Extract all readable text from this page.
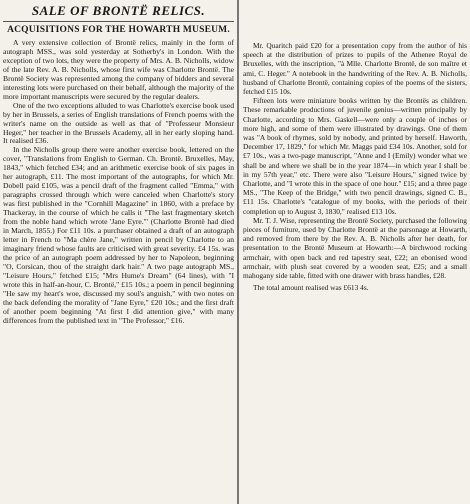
SALE OF BRONTË RELICS.
ACQUISITIONS FOR THE HOWARTH MUSEUM.

A very extensive collection of Brontë relics, mainly in the form of autograph MSS., was sold yesterday at Sotherby's in London. With the exception of two lots, they were the property of Mrs. A. B. Nicholls, widow of the late Rev. A. B. Nicholls, whose first wife was Charlotte Brontë. The Brontë Society was represented among the company of bidders and several interesting lots were purchased on their behalf, although the majority of the more important manuscripts were secured by the regular dealers.

One of the two exceptions alluded to was Charlotte's exercise book used by her in Brussels, a series of English translations of French poems with the writer's name on the outside as well as that of "Professeur Monsieur Heger," her teacher in the Brussels Academy, all in her early sloping hand. It realised £36.

In the Nicholls group there were another exercise book, lettered on the cover, "Translations from English to German. Ch. Brontë. Bruxelles, May, 1843," which fetched £34; and an arithmetic exercise book of six pages in her autograph, £11. The most important of the autographs, for which Mr. Dobell paid £105, was a pencil draft of the fragment called "Emma," with paragraphs crossed through which were canceled when Charlotte's story was first published in the "Cornhill Magazine" in 1860, with a preface by Thackeray, in the course of which he calls it "The last fragmentary sketch from the noble hand which wrote 'Jane Eyre.'" (Charlotte Brontë had died in March, 1855.) For £11 10s. a purchaser obtained a draft of an autograph letter in French to "Ma chère Jane," written in pencil by Charlotte to an imaginary friend whose faults are criticised with great severity. £4 15s. was the price of an autograph poem addressed by her to Napoleon, beginning "O, Corsican, thou of the straight dark hair." A two page autograph MS., "Leisure Hours," fetched £15; "Mrs Hume's Dream" (64 lines), with "I wrote this in half-an-hour, C. Brontë," £15 10s.; a poem in pencil beginning "He saw my heart's woe, discussed my soul's anguish," with two notes on the back defending the morality of "Jane Eyre," £20 10s.; and the first draft of another poem beginning "At first I did attention give," with many differences from the published text in "The Professor," £16.

Mr. Quaritch paid £20 for a presentation copy from the author of his speech at the distribution of prizes to pupils of the Athenee Royal de Bruxelles, with the inscription, "à Mlle. Charlotte Brontë, de son maître et ami, C. Heger." A notebook in the handwriting of the Rev. A. B. Nicholls, husband of Charlotte Brontë, containing copies of the poems of the sisters, fetched £15 10s.

Fifteen lots were miniature books written by the Brontës as children. These remarkable productions of juvenile genius—written principally by Charlotte, according to Mrs. Gaskell—were only a couple of inches or more high, and some of them were illustrated by drawings. One of them was "A book of rhymes, sold by nobody, and printed by herself. Haworth, December 17, 1829," for which Mr. Maggs paid £34 10s. Another, sold for £7 10s., was a two-page manuscript, "Anne and I (Emily) wonder what we shall be and where we shall be in the year 1874—in which year I shall be in my 57th year," etc. There were also "Leisure Hours," signed twice by Charlotte, and "I wrote this in the space of one hour." £15; and a three page MS., "The Keep of the Bridge," with two pencil drawings, signed C. B., £11 15s. Charlotte's "catalogue of my books, with the periods of their completion up to August 3, 1830," realised £13 10s.

Mr. T. J. Wise, representing the Brontë Society, purchased the following pieces of furniture, used by Charlotte Brontë at the parsonage at Howarth, and removed from there by the Rev. A. B. Nicholls after her death, for presentation to the Brontë Museum at Howarth:—A birchwood rocking armchair, with open back and red tapestry seat, £22; an ebonised wood armchair, with plush seat covered by a wooden seat, £25; and a small mahogany side table, fitted with one drawer with brass handles, £28.

The total amount realised was £613 4s.
